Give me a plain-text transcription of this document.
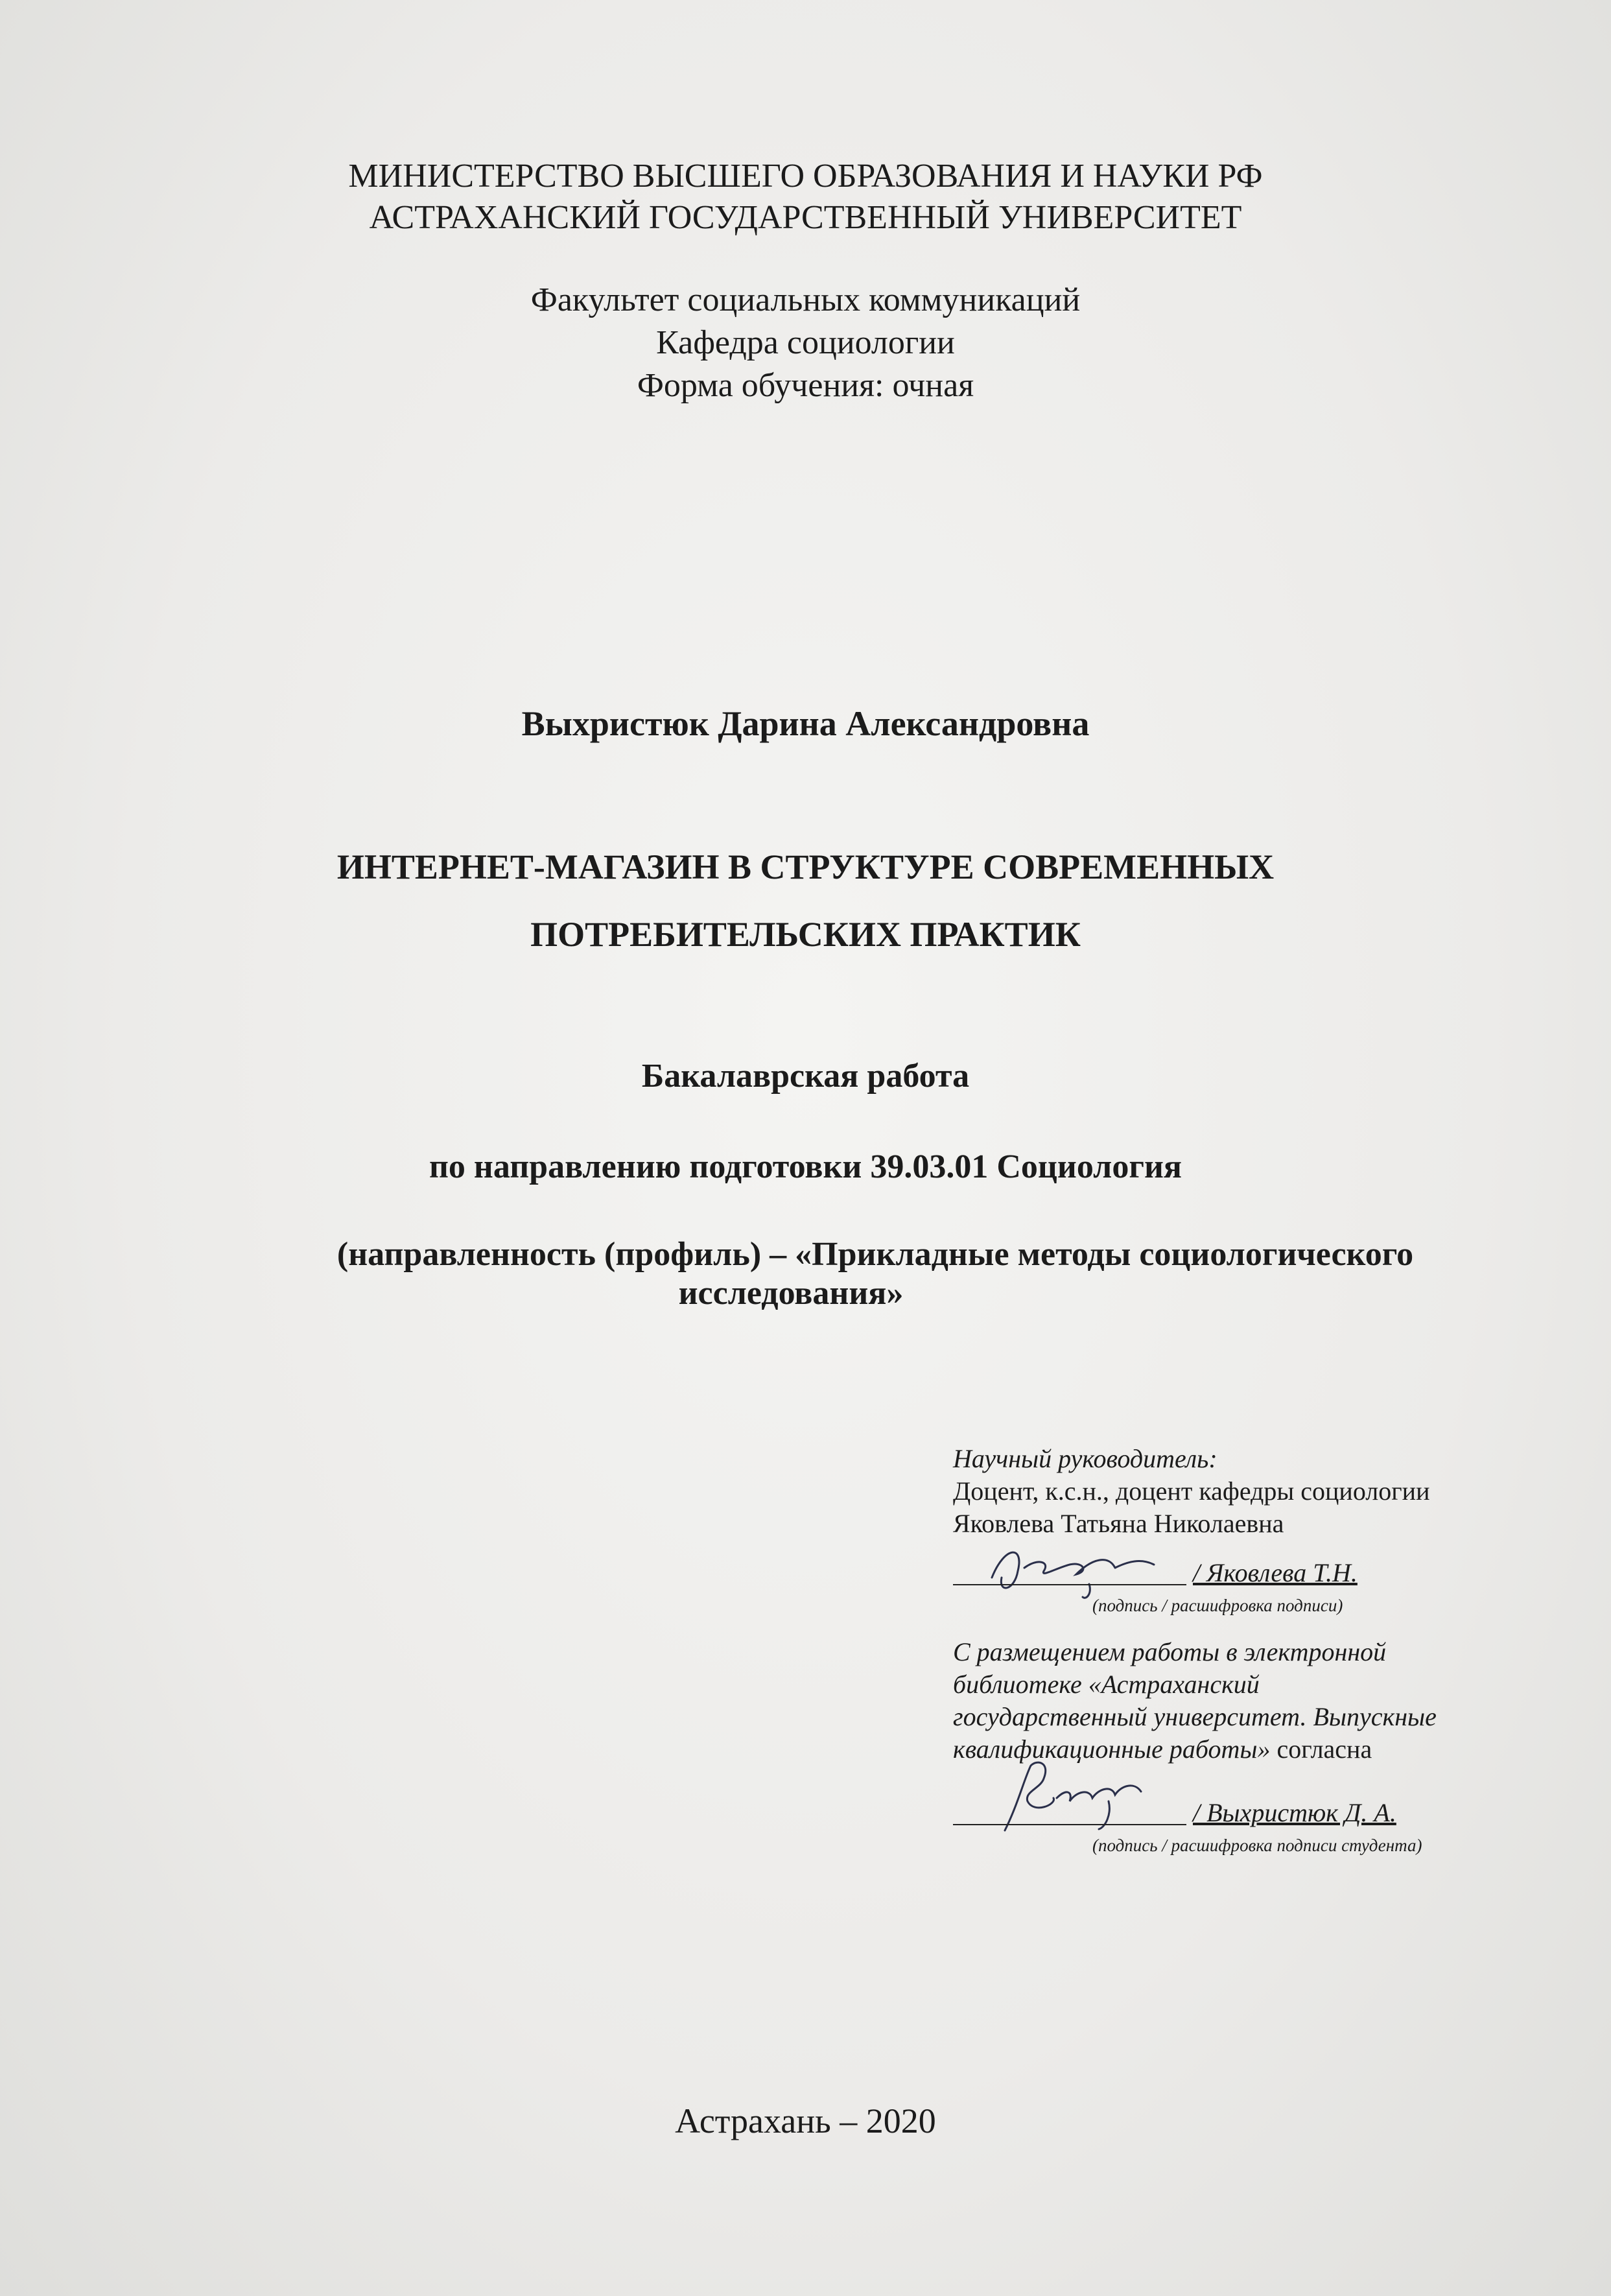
МИНИСТЕРСТВО ВЫСШЕГО ОБРАЗОВАНИЯ И НАУКИ РФ
АСТРАХАНСКИЙ ГОСУДАРСТВЕННЫЙ УНИВЕРСИТЕТ
Факультет социальных коммуникаций
Кафедра социологии
Форма обучения: очная
Выхристюк Дарина Александровна
ИНТЕРНЕТ-МАГАЗИН В СТРУКТУРЕ СОВРЕМЕННЫХ
ПОТРЕБИТЕЛЬСКИХ ПРАКТИК
Бакалаврская работа
по направлению подготовки 39.03.01 Социология
(направленность (профиль) – «Прикладные методы социологического
исследования»
Научный руководитель:
Доцент, к.с.н., доцент кафедры социологии
Яковлева Татьяна Николаевна
/ Яковлева Т.Н.
(подпись / расшифровка подписи)
С размещением работы в электронной
библиотеке «Астраханский
государственный университет. Выпускные
квалификационные работы» согласна
/ Выхристюк Д. А.
(подпись / расшифровка подписи студента)
Астрахань – 2020
